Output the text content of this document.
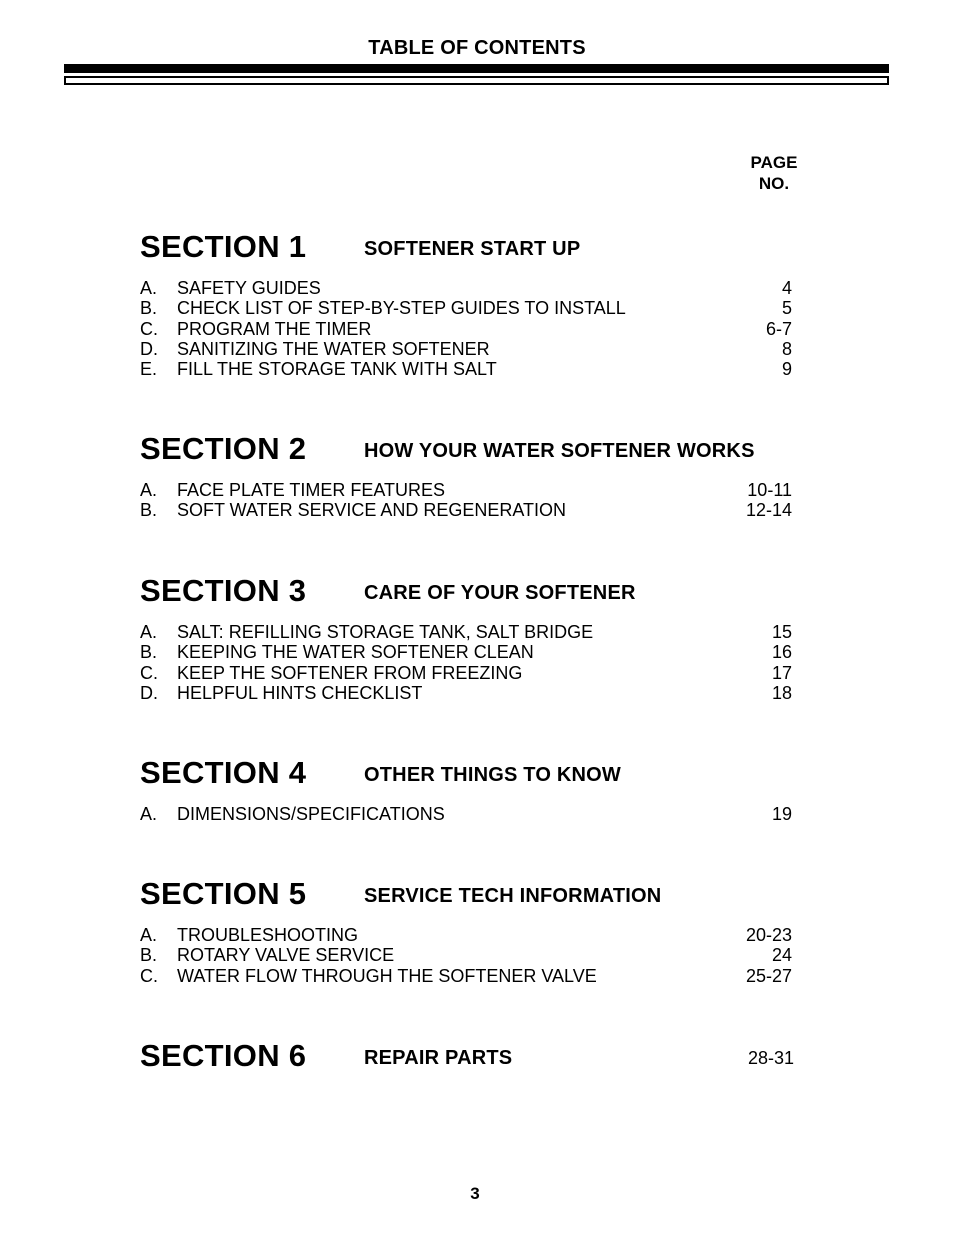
TABLE OF CONTENTS
PAGE
NO.
SECTION 1	SOFTENER START UP
A. SAFETY GUIDES	4
B. CHECK LIST OF STEP-BY-STEP GUIDES TO INSTALL	5
C. PROGRAM THE TIMER	6-7
D. SANITIZING THE WATER SOFTENER	8
E. FILL THE STORAGE TANK WITH SALT	9
SECTION 2	HOW YOUR WATER SOFTENER WORKS
A. FACE PLATE TIMER FEATURES	10-11
B. SOFT WATER SERVICE AND REGENERATION	12-14
SECTION 3	CARE OF YOUR SOFTENER
A. SALT: REFILLING STORAGE TANK, SALT BRIDGE	15
B. KEEPING THE WATER SOFTENER CLEAN	16
C. KEEP THE SOFTENER FROM FREEZING	17
D. HELPFUL HINTS CHECKLIST	18
SECTION 4	OTHER THINGS TO KNOW
A. DIMENSIONS/SPECIFICATIONS	19
SECTION 5	SERVICE TECH INFORMATION
A. TROUBLESHOOTING	20-23
B. ROTARY VALVE SERVICE	24
C. WATER FLOW THROUGH THE SOFTENER VALVE	25-27
SECTION 6	REPAIR PARTS	28-31
3
